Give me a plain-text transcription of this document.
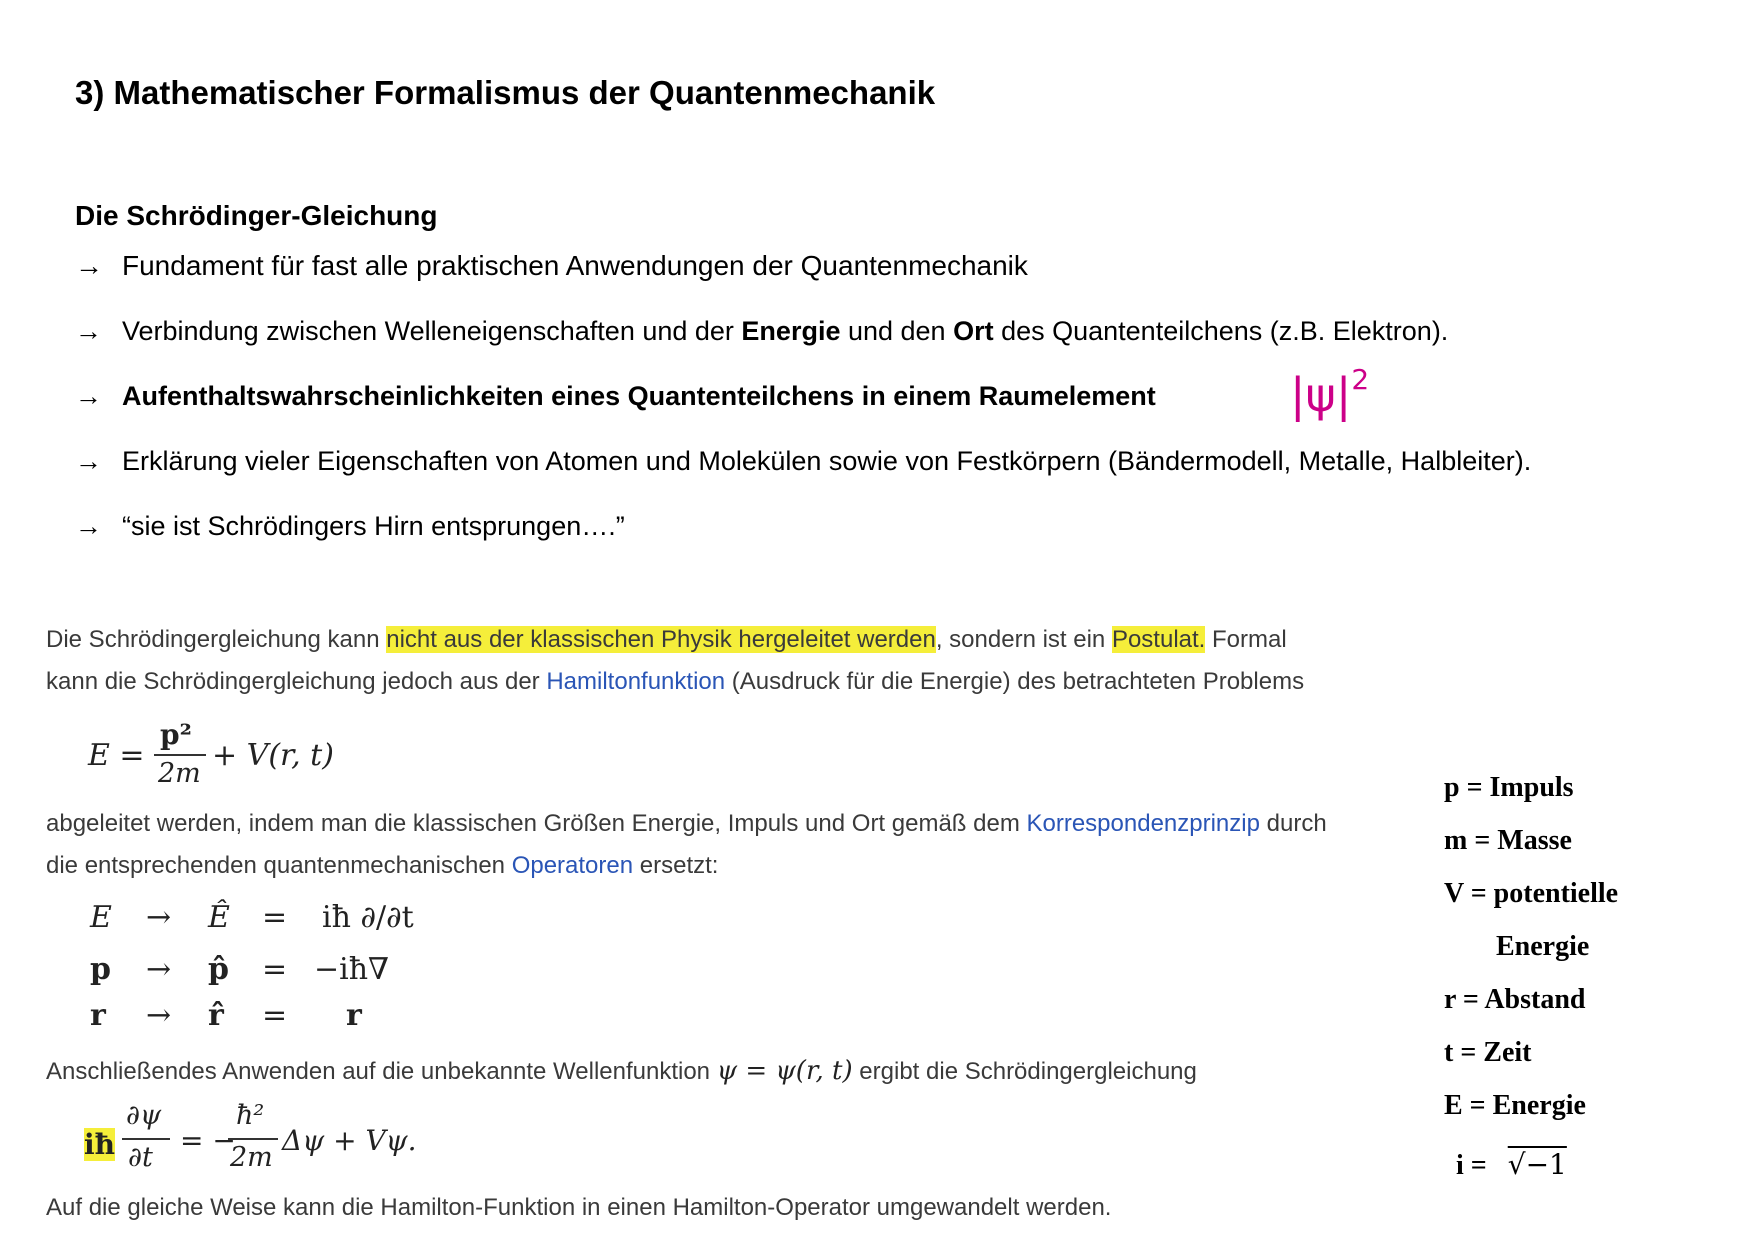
3) Mathematischer Formalismus der Quantenmechanik
Die Schrödinger-Gleichung
→ Fundament für fast alle praktischen Anwendungen der Quantenmechanik
→ Verbindung zwischen Welleneigenschaften und der Energie und den Ort des Quantenteilchens (z.B. Elektron).
→ Aufenthaltswahrscheinlichkeiten eines Quantenteilchens in einem Raumelement	$|\psi|^2$
→ Erklärung vieler Eigenschaften von Atomen und Molekülen sowie von Festkörpern (Bändermodell, Metalle, Halbleiter).
→ “sie ist Schrödingers Hirn entsprungen….”
Die Schrödingergleichung kann nicht aus der klassischen Physik hergeleitet werden, sondern ist ein Postulat. Formal
kann die Schrödingergleichung jedoch aus der Hamiltonfunktion (Ausdruck für die Energie) des betrachteten Problems
E =
p²
2m
+ V(r, t)
abgeleitet werden, indem man die klassischen Größen Energie, Impuls und Ort gemäß dem Korrespondenzprinzip durch
die entsprechenden quantenmechanischen Operatoren ersetzt:
E → Ê = iħ ∂/∂t
p → p̂ = −iħ∇
r → r̂ = r
Anschließendes Anwenden auf die unbekannte Wellenfunktion ψ = ψ(r, t) ergibt die Schrödingergleichung
iħ
∂ψ
∂t
= −
ħ²
2m
Δψ + Vψ.
Auf die gleiche Weise kann die Hamilton-Funktion in einen Hamilton-Operator umgewandelt werden.
p = Impuls
m = Masse
V = potentielle
Energie
r = Abstand
t = Zeit
E = Energie
i = √−1
